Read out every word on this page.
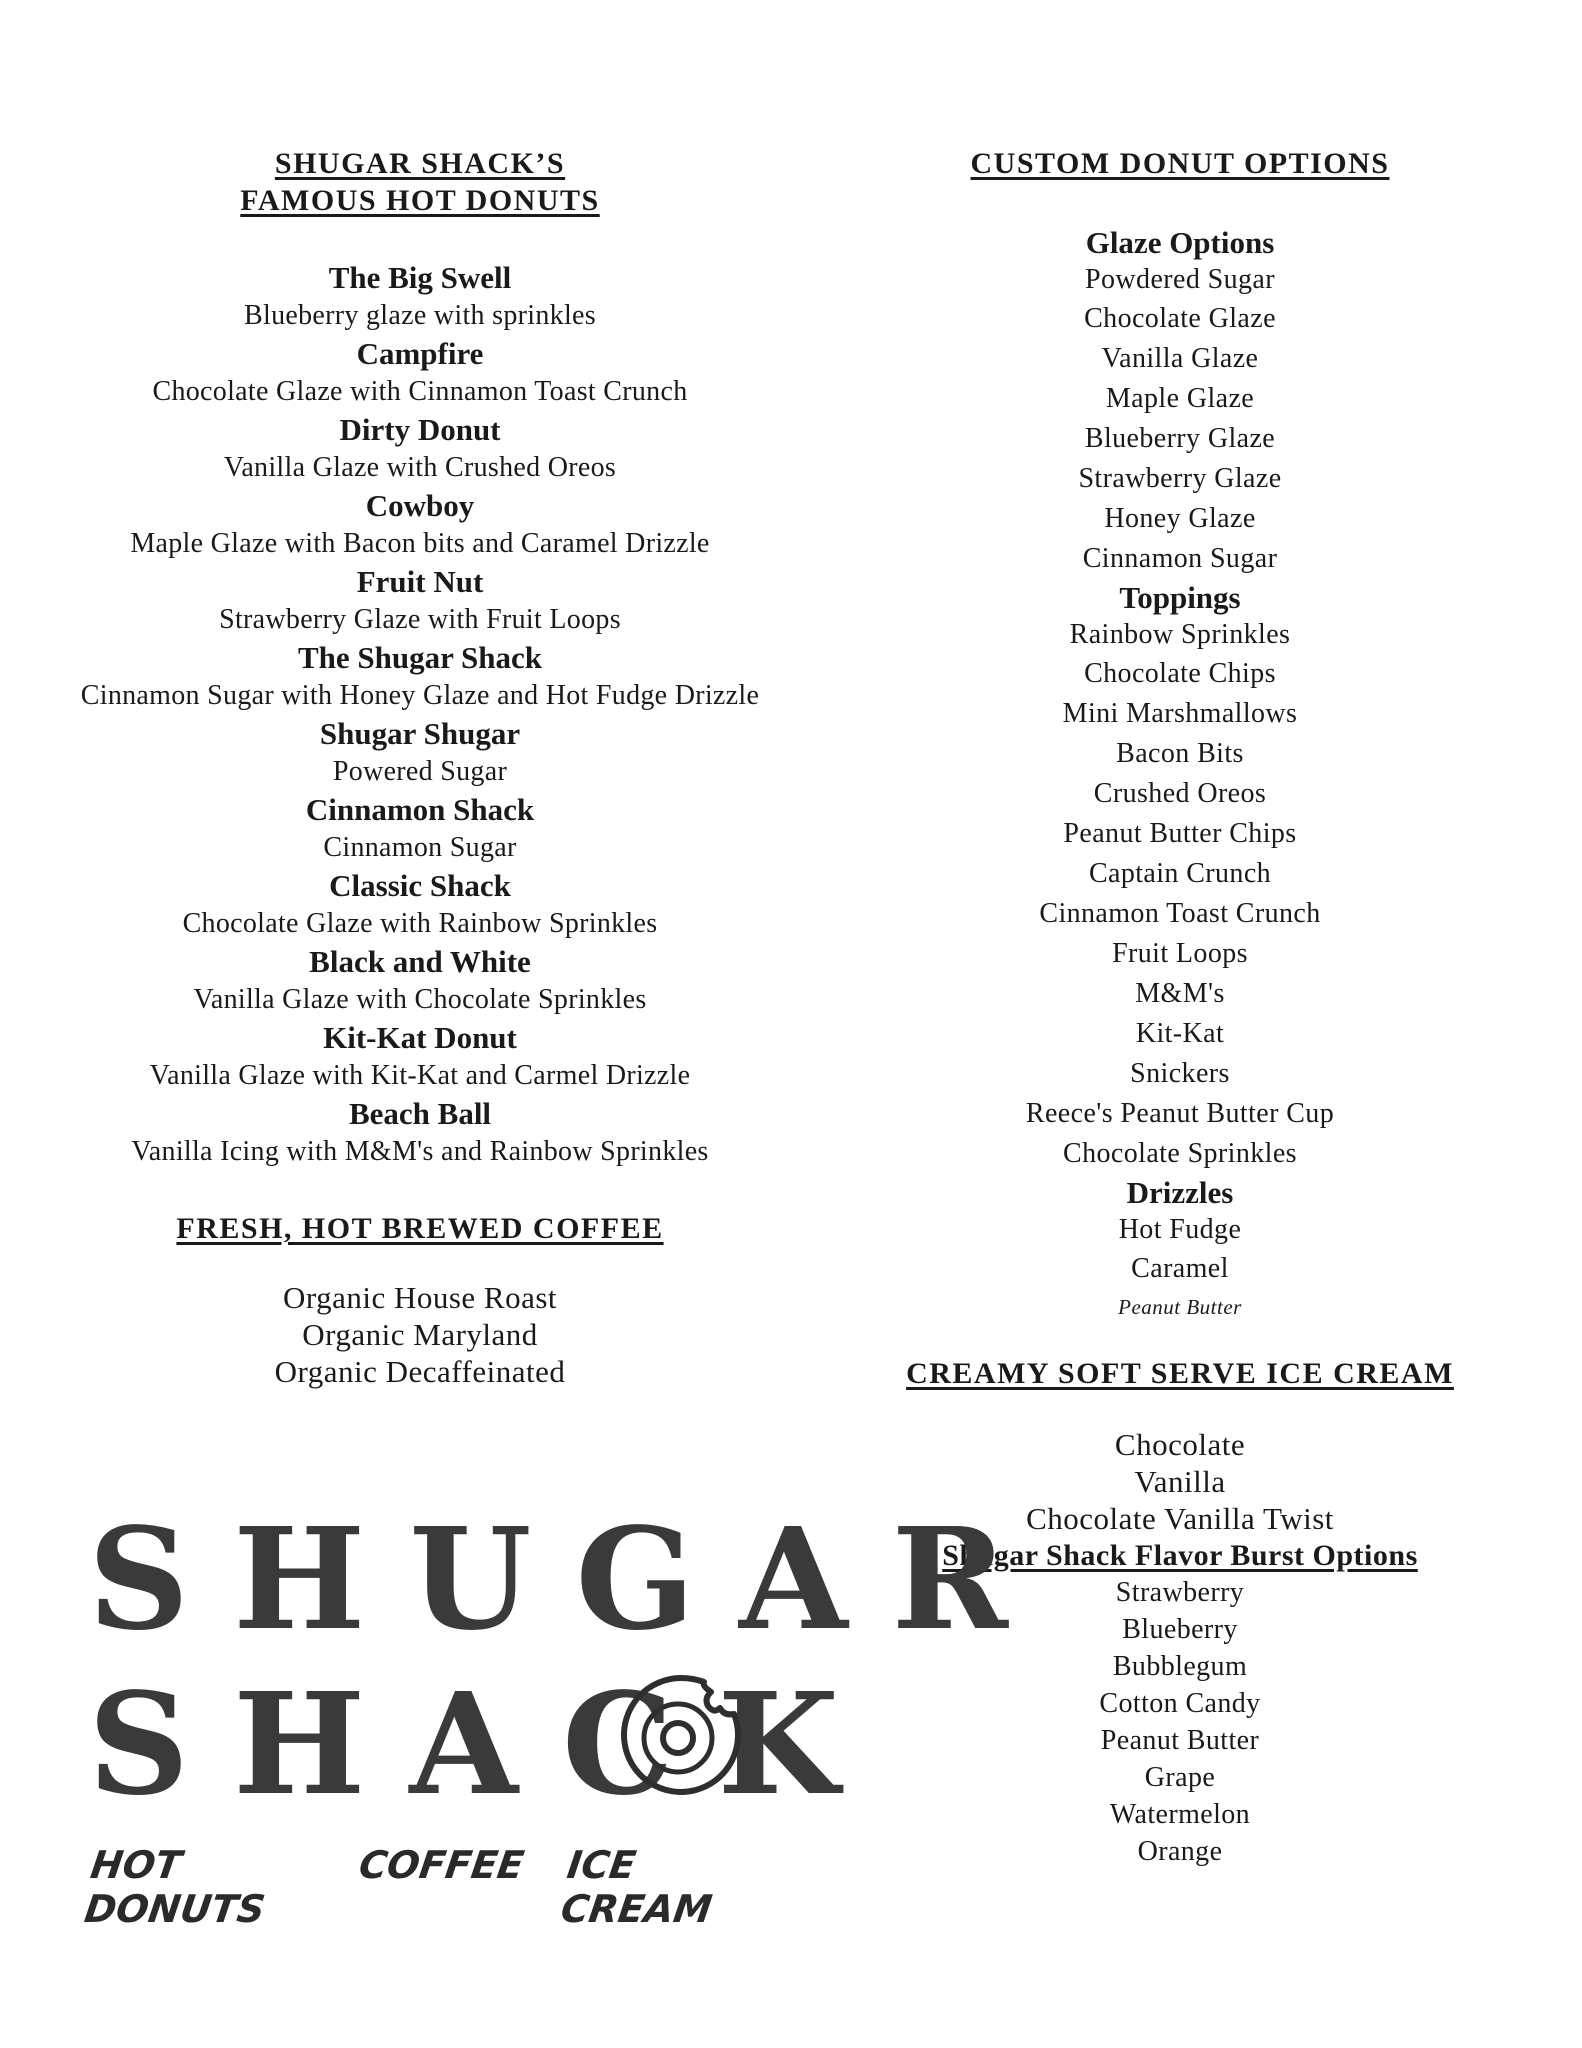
SHUGAR SHACK’S
FAMOUS HOT DONUTS
The Big Swell
Blueberry glaze with sprinkles
Campfire
Chocolate Glaze with Cinnamon Toast Crunch
Dirty Donut
Vanilla Glaze with Crushed Oreos
Cowboy
Maple Glaze with Bacon bits and Caramel Drizzle
Fruit Nut
Strawberry Glaze with Fruit Loops
The Shugar Shack
Cinnamon Sugar with Honey Glaze and Hot Fudge Drizzle
Shugar Shugar
Powered Sugar
Cinnamon Shack
Cinnamon Sugar
Classic Shack
Chocolate Glaze with Rainbow Sprinkles
Black and White
Vanilla Glaze with Chocolate Sprinkles
Kit-Kat Donut
Vanilla Glaze with Kit-Kat and Carmel Drizzle
Beach Ball
Vanilla Icing with M&M's and Rainbow Sprinkles
FRESH, HOT BREWED COFFEE
Organic House Roast
Organic Maryland
Organic Decaffeinated
CUSTOM DONUT OPTIONS
Glaze Options
Powdered Sugar
Chocolate Glaze
Vanilla Glaze
Maple Glaze
Blueberry Glaze
Strawberry Glaze
Honey Glaze
Cinnamon Sugar
Toppings
Rainbow Sprinkles
Chocolate Chips
Mini Marshmallows
Bacon Bits
Crushed Oreos
Peanut Butter Chips
Captain Crunch
Cinnamon Toast Crunch
Fruit Loops
M&M's
Kit-Kat
Snickers
Reece's Peanut Butter Cup
Chocolate Sprinkles
Drizzles
Hot Fudge
Caramel
Peanut Butter
CREAMY SOFT SERVE ICE CREAM
Chocolate
Vanilla
Chocolate Vanilla Twist
Shugar Shack Flavor Burst Options
Strawberry
Blueberry
Bubblegum
Cotton Candy
Peanut Butter
Grape
Watermelon
Orange
SHUGAR
SHACK
HOT DONUTS
COFFEE ICE CREAM
